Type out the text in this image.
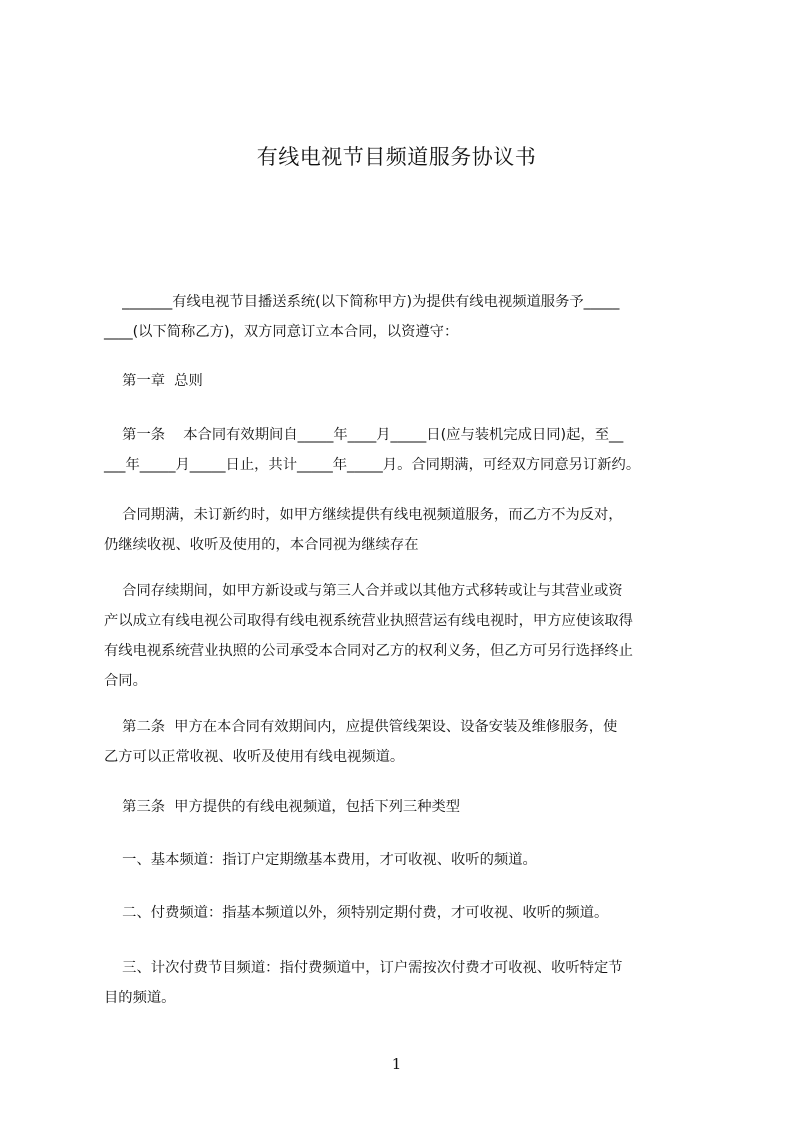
有线电视节目频道服务协议书
_______有线电视节目播送系统(以下简称甲方)为提供有线电视频道服务予_____
____(以下简称乙方)，双方同意订立本合同，以资遵守：
第一章  总则
第一条    本合同有效期间自_____年____月_____日(应与装机完成日同)起，至__
___年_____月_____日止，共计_____年_____月。合同期满，可经双方同意另订新约。
合同期满，未订新约时，如甲方继续提供有线电视频道服务，而乙方不为反对，
仍继续收视、收听及使用的，本合同视为继续存在
合同存续期间，如甲方新设或与第三人合并或以其他方式移转或让与其营业或资
产以成立有线电视公司取得有线电视系统营业执照营运有线电视时，甲方应使该取得
有线电视系统营业执照的公司承受本合同对乙方的权利义务，但乙方可另行选择终止
合同。
第二条  甲方在本合同有效期间内，应提供管线架设、设备安装及维修服务，使
乙方可以正常收视、收听及使用有线电视频道。
第三条  甲方提供的有线电视频道，包括下列三种类型
一、基本频道：指订户定期缴基本费用，才可收视、收听的频道。
二、付费频道：指基本频道以外，须特别定期付费，才可收视、收听的频道。
三、计次付费节目频道：指付费频道中，订户需按次付费才可收视、收听特定节
目的频道。
1
